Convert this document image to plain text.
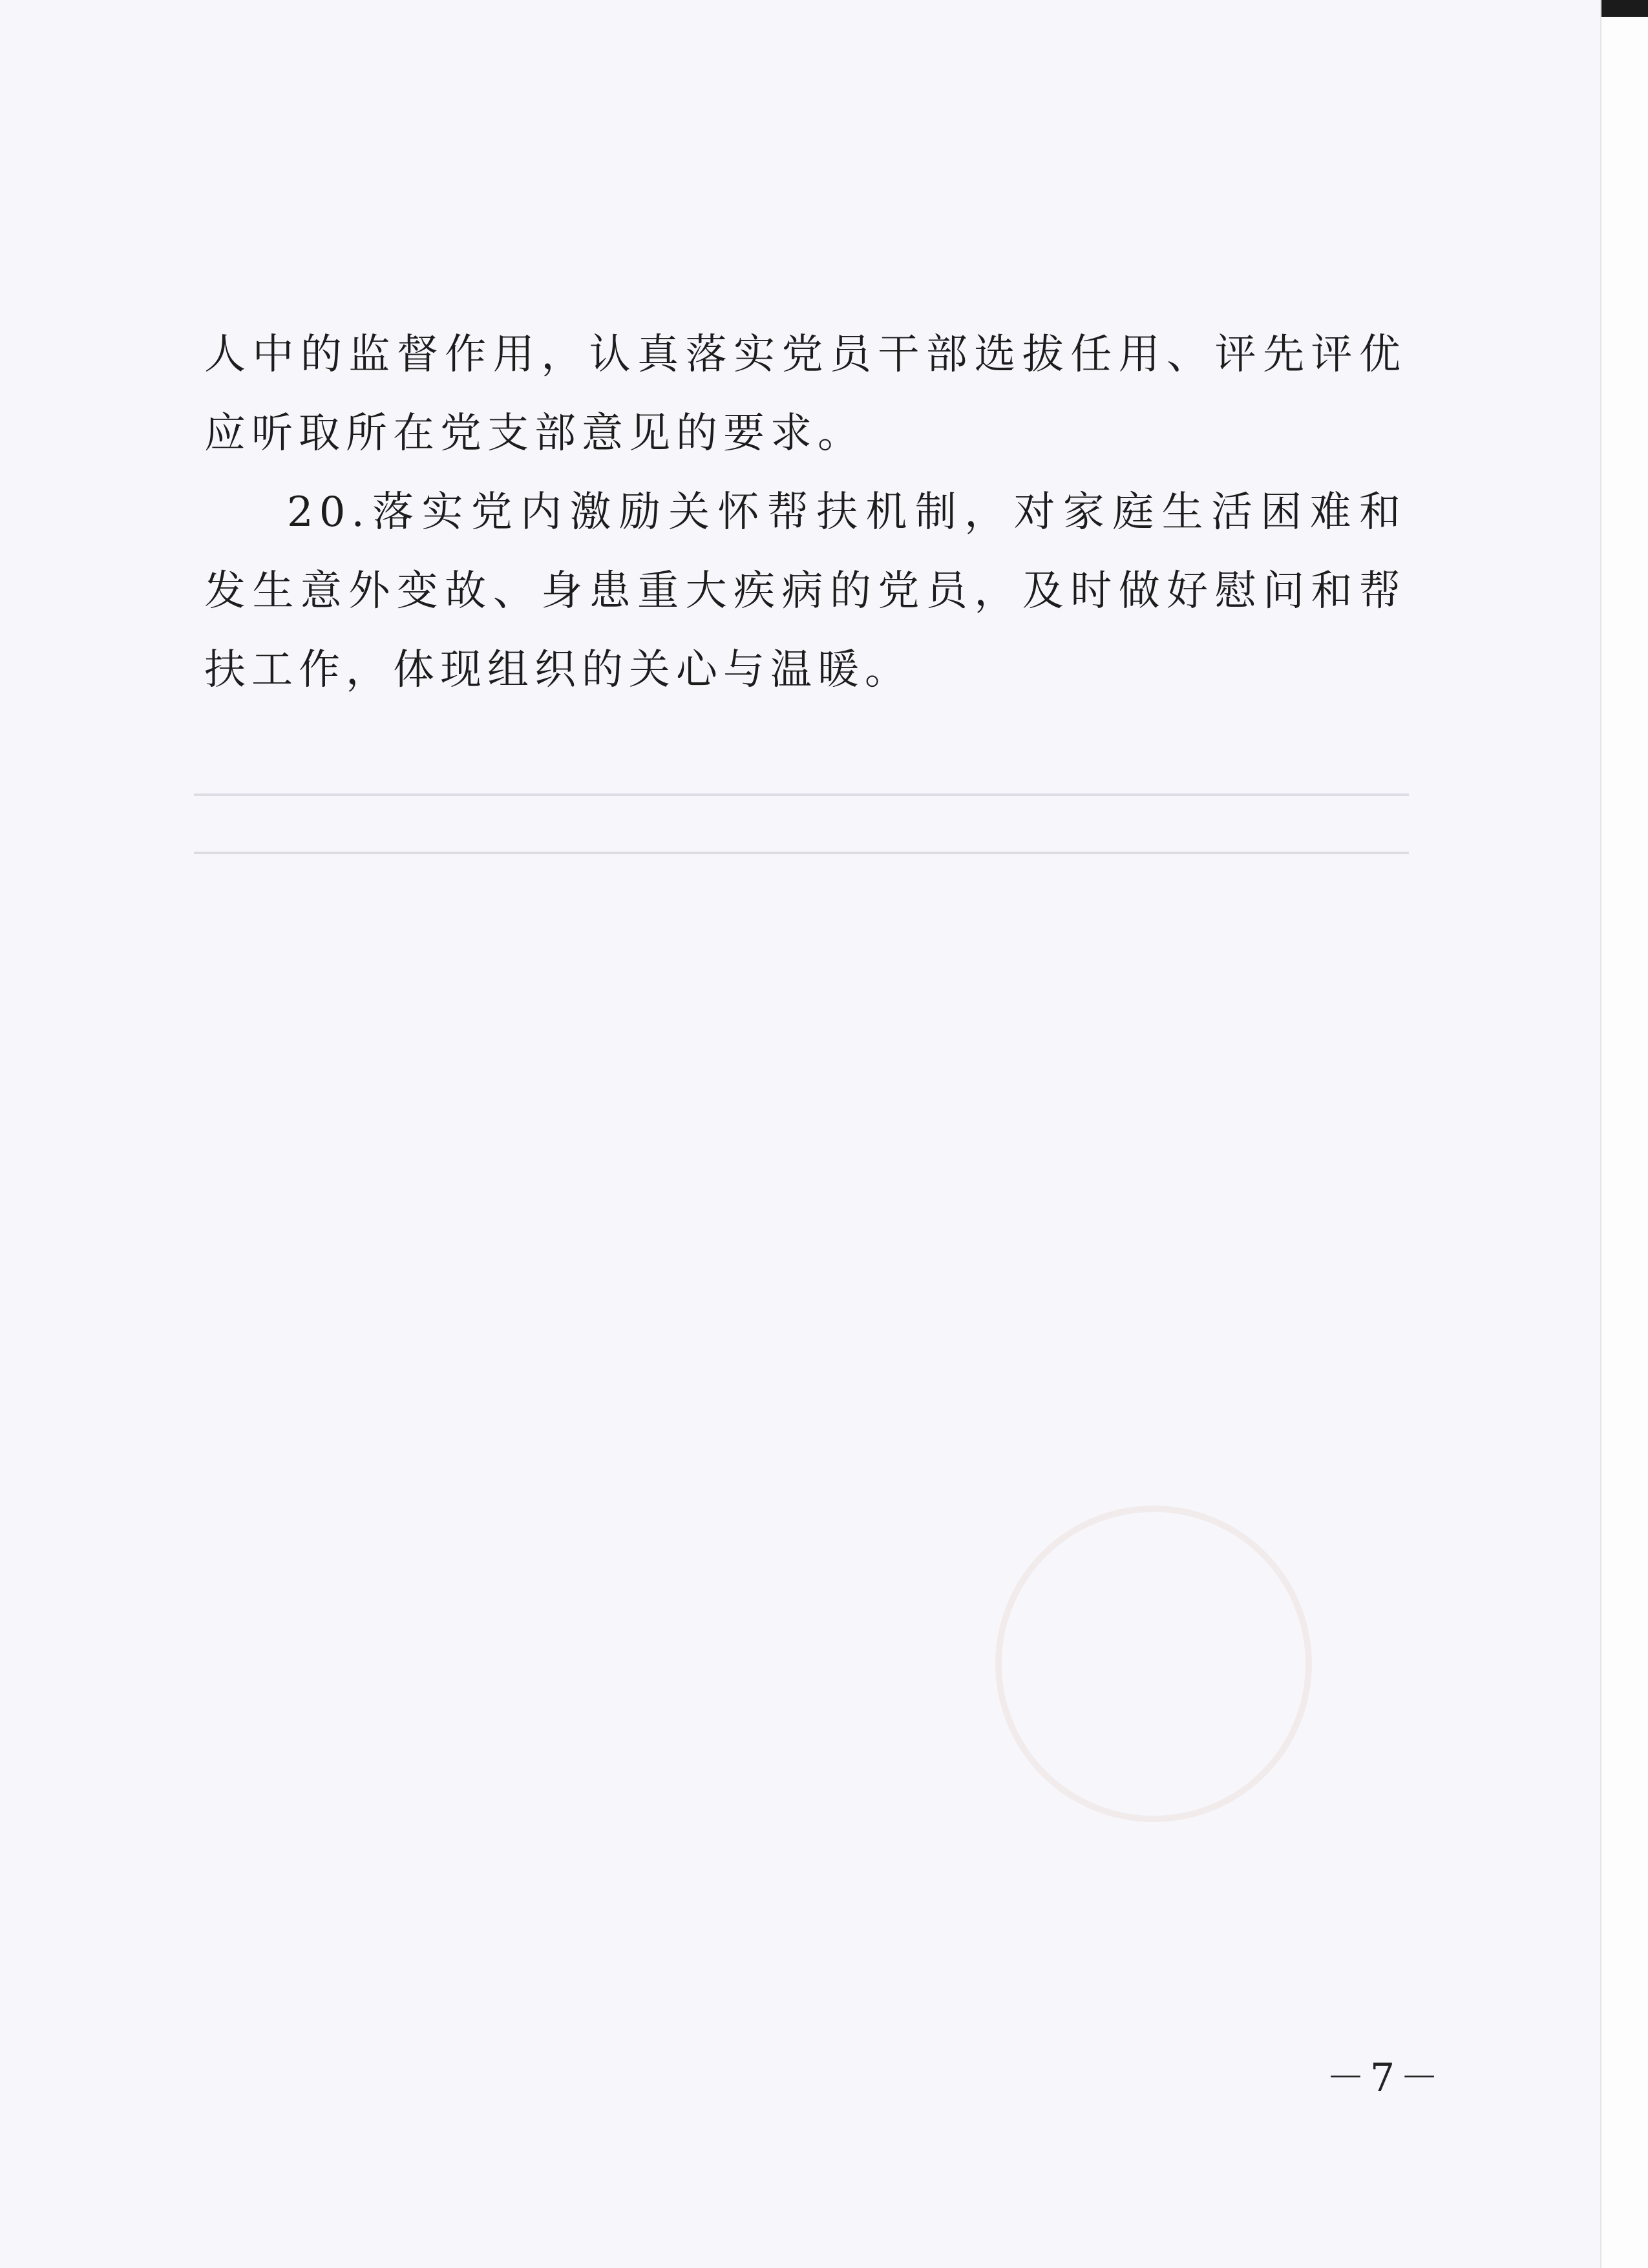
人中的监督作用，认真落实党员干部选拔任用、评先评优应听取所在党支部意见的要求。

20.落实党内激励关怀帮扶机制，对家庭生活困难和发生意外变故、身患重大疾病的党员，及时做好慰问和帮扶工作，体现组织的关心与温暖。

－7－
